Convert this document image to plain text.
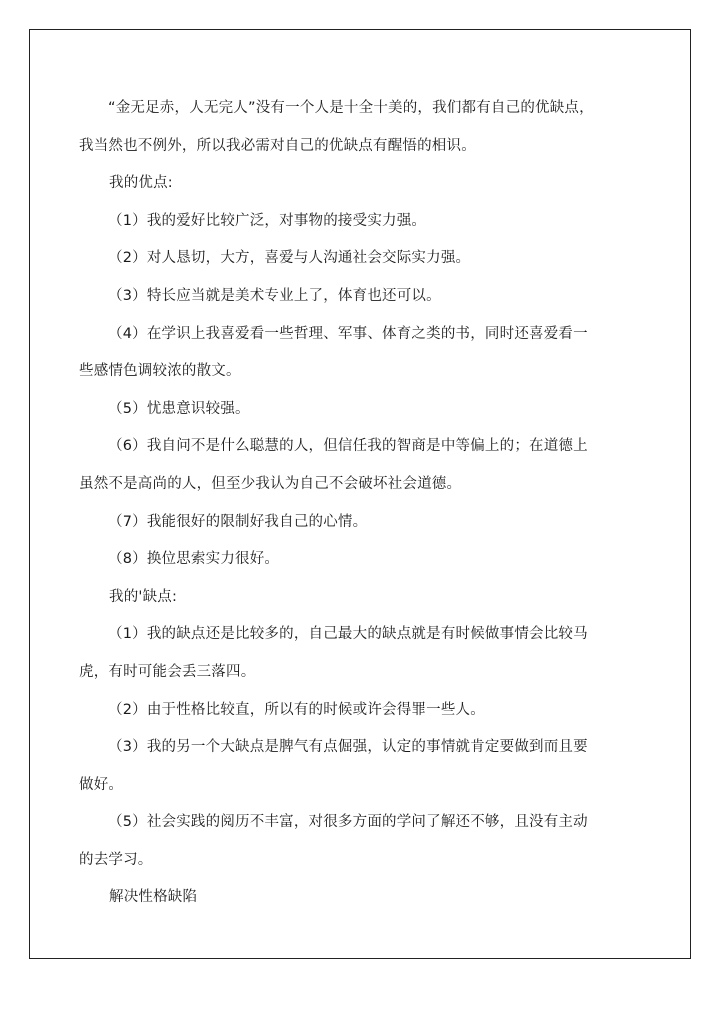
“金无足赤，人无完人”没有一个人是十全十美的，我们都有自己的优缺点，

我当然也不例外，所以我必需对自己的优缺点有醒悟的相识。

我的优点:

（1）我的爱好比较广泛，对事物的接受实力强。

（2）对人恳切，大方，喜爱与人沟通社会交际实力强。

（3）特长应当就是美术专业上了，体育也还可以。

（4）在学识上我喜爱看一些哲理、军事、体育之类的书，同时还喜爱看一

些感情色调较浓的散文。

（5）忧患意识较强。

（6）我自问不是什么聪慧的人，但信任我的智商是中等偏上的；在道德上

虽然不是高尚的人，但至少我认为自己不会破坏社会道德。

（7）我能很好的限制好我自己的心情。

（8）换位思索实力很好。

我的'缺点:

（1）我的缺点还是比较多的，自己最大的缺点就是有时候做事情会比较马

虎，有时可能会丢三落四。

（2）由于性格比较直，所以有的时候或许会得罪一些人。

（3）我的另一个大缺点是脾气有点倔强，认定的事情就肯定要做到而且要

做好。

（5）社会实践的阅历不丰富，对很多方面的学问了解还不够，且没有主动

的去学习。

解决性格缺陷
